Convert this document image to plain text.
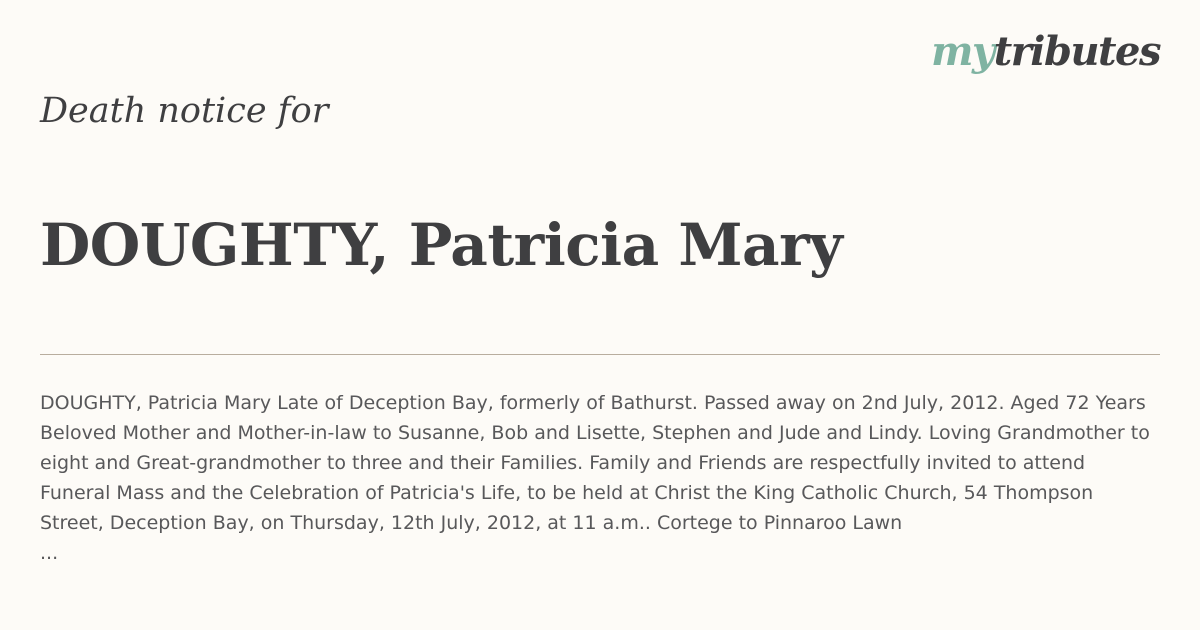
mytributes
Death notice for
DOUGHTY, Patricia Mary

DOUGHTY, Patricia Mary Late of Deception Bay, formerly of Bathurst. Passed away on 2nd July, 2012. Aged 72 Years Beloved Mother and Mother-in-law to Susanne, Bob and Lisette, Stephen and Jude and Lindy. Loving Grandmother to eight and Great-grandmother to three and their Families. Family and Friends are respectfully invited to attend Funeral Mass and the Celebration of Patricia's Life, to be held at Christ the King Catholic Church, 54 Thompson Street, Deception Bay, on Thursday, 12th July, 2012, at 11 a.m.. Cortege to Pinnaroo Lawn

...
